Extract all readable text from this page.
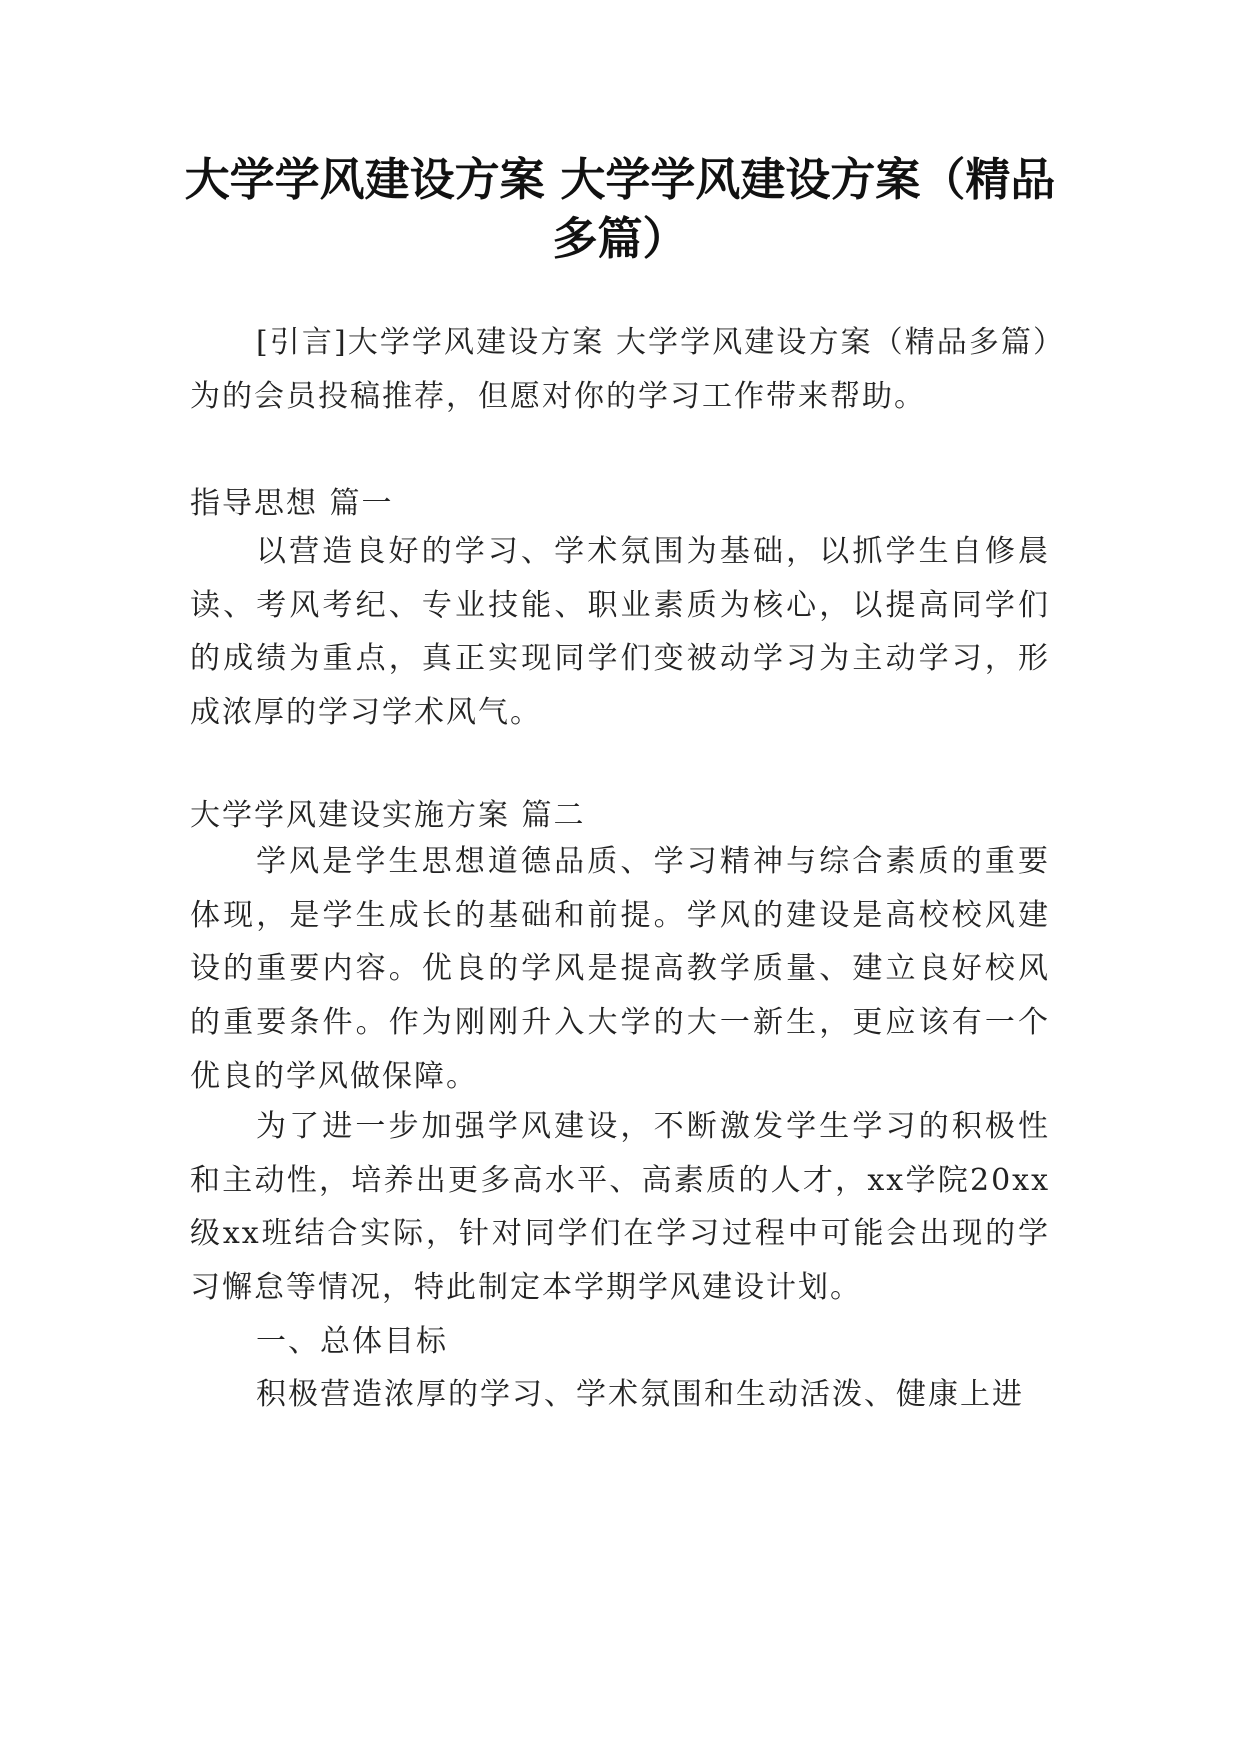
大学学风建设方案 大学学风建设方案（精品多篇）
[引言]大学学风建设方案 大学学风建设方案（精品多篇）为的会员投稿推荐，但愿对你的学习工作带来帮助。
指导思想 篇一
以营造良好的学习、学术氛围为基础，以抓学生自修晨读、考风考纪、专业技能、职业素质为核心，以提高同学们的成绩为重点，真正实现同学们变被动学习为主动学习，形成浓厚的学习学术风气。
大学学风建设实施方案 篇二
学风是学生思想道德品质、学习精神与综合素质的重要体现，是学生成长的基础和前提。学风的建设是高校校风建设的重要内容。优良的学风是提高教学质量、建立良好校风的重要条件。作为刚刚升入大学的大一新生，更应该有一个优良的学风做保障。
为了进一步加强学风建设，不断激发学生学习的积极性和主动性，培养出更多高水平、高素质的人才，xx学院20xx级xx班结合实际，针对同学们在学习过程中可能会出现的学习懈怠等情况，特此制定本学期学风建设计划。
一、总体目标
积极营造浓厚的学习、学术氛围和生动活泼、健康上进
